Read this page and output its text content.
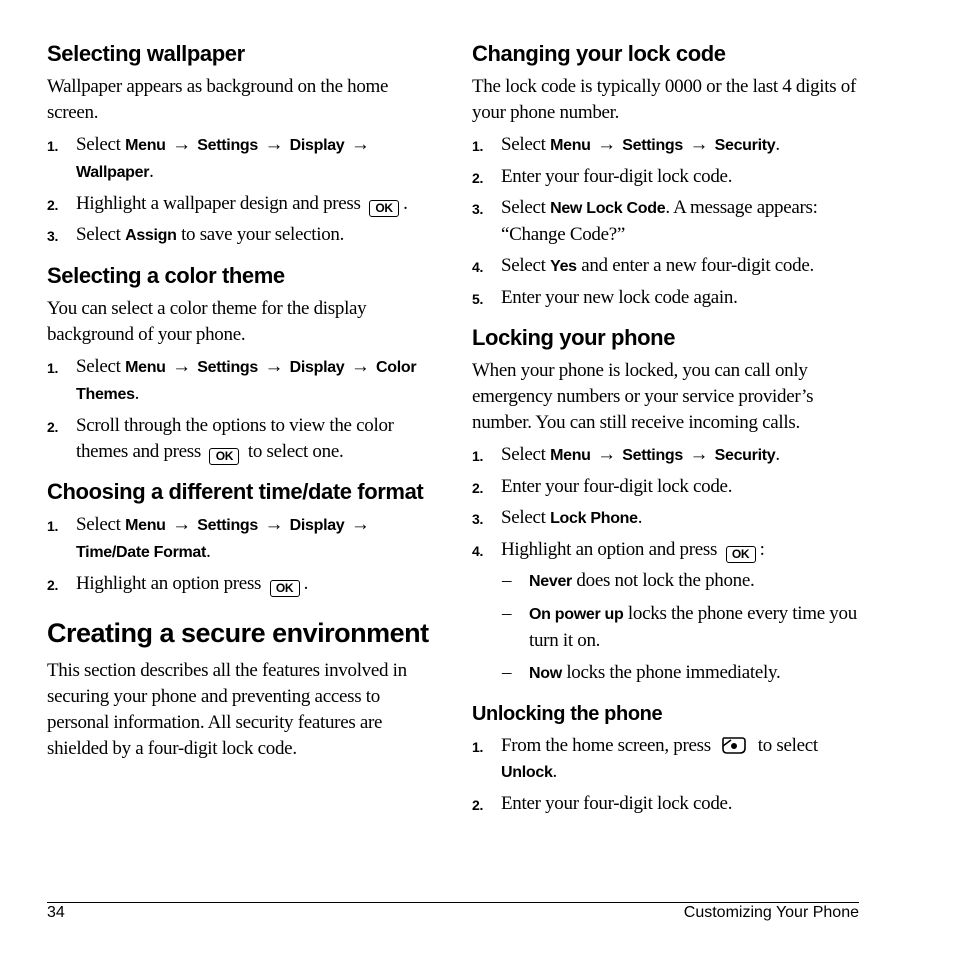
Selecting wallpaper

Wallpaper appears as background on the home screen.

1. Select Menu → Settings → Display → Wallpaper.
2. Highlight a wallpaper design and press OK .
3. Select Assign to save your selection.
Selecting a color theme

You can select a color theme for the display background of your phone.

1. Select Menu → Settings → Display → Color Themes.
2. Scroll through the options to view the color themes and press OK to select one.
Choosing a different time/date format
1. Select Menu → Settings → Display → Time/Date Format.
2. Highlight an option press OK .
Creating a secure environment

This section describes all the features involved in securing your phone and preventing access to personal information. All security features are shielded by a four-digit lock code.

Changing your lock code

The lock code is typically 0000 or the last 4 digits of your phone number.

1. Select Menu → Settings → Security.
2. Enter your four-digit lock code.
3. Select New Lock Code. A message appears: “Change Code?”
4. Select Yes and enter a new four-digit code.
5. Enter your new lock code again.
Locking your phone

When your phone is locked, you can call only emergency numbers or your service provider’s number. You can still receive incoming calls.

1. Select Menu → Settings → Security.
2. Enter your four-digit lock code.
3. Select Lock Phone.
4. Highlight an option and press OK :
– Never does not lock the phone.
– On power up locks the phone every time you turn it on.
– Now locks the phone immediately.
Unlocking the phone
1. From the home screen, press to select Unlock.
2. Enter your four-digit lock code.
34	Customizing Your Phone
